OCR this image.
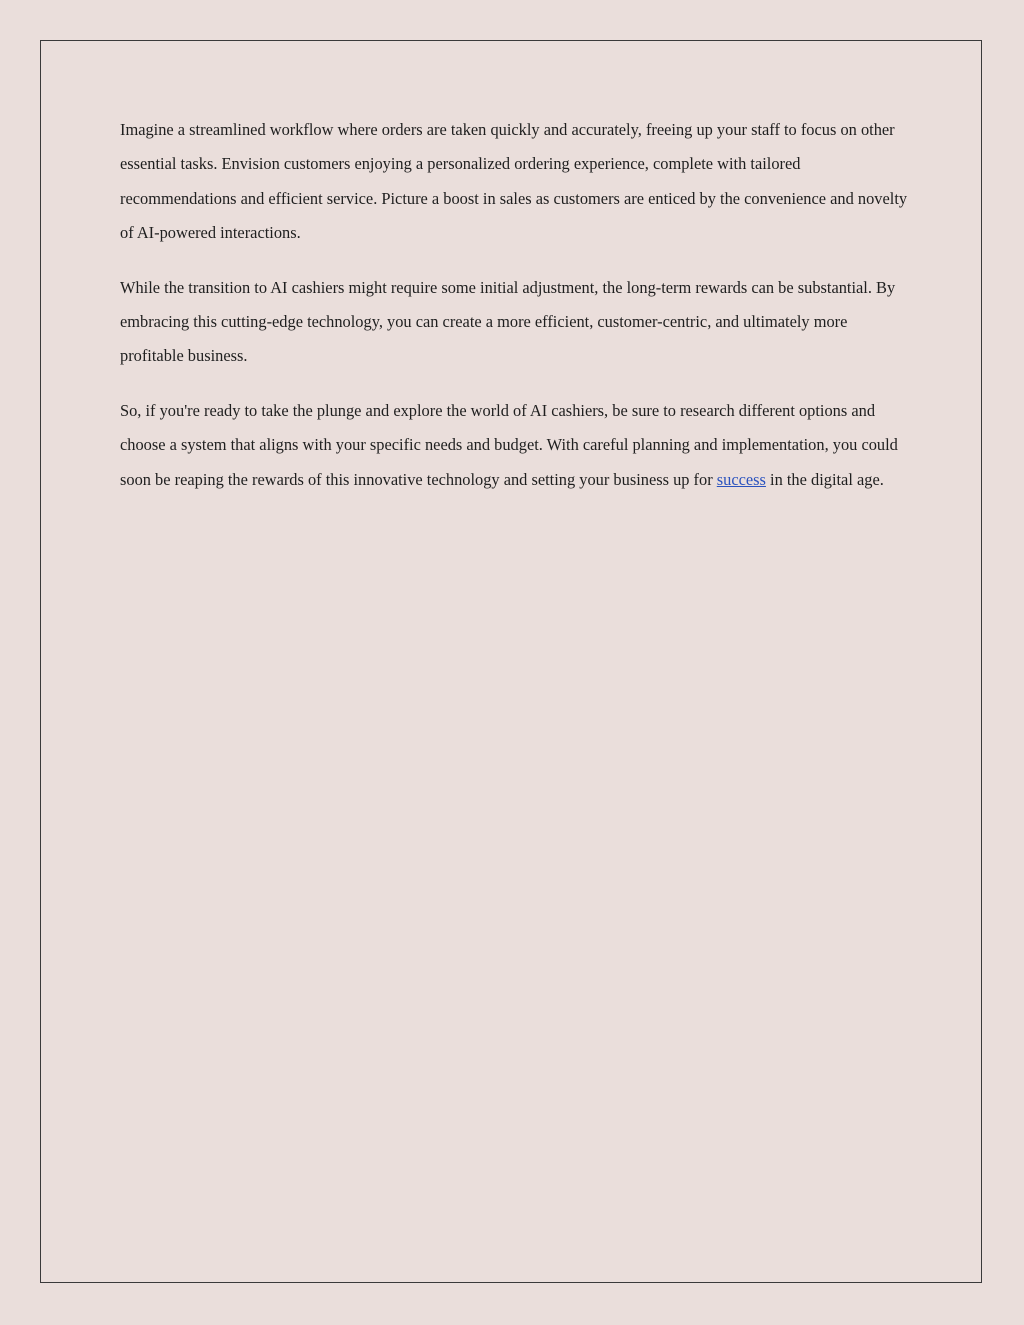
Imagine a streamlined workflow where orders are taken quickly and accurately, freeing up your staff to focus on other essential tasks. Envision customers enjoying a personalized ordering experience, complete with tailored recommendations and efficient service. Picture a boost in sales as customers are enticed by the convenience and novelty of AI-powered interactions.

While the transition to AI cashiers might require some initial adjustment, the long-term rewards can be substantial. By embracing this cutting-edge technology, you can create a more efficient, customer-centric, and ultimately more profitable business.

So, if you're ready to take the plunge and explore the world of AI cashiers, be sure to research different options and choose a system that aligns with your specific needs and budget. With careful planning and implementation, you could soon be reaping the rewards of this innovative technology and setting your business up for success in the digital age.
